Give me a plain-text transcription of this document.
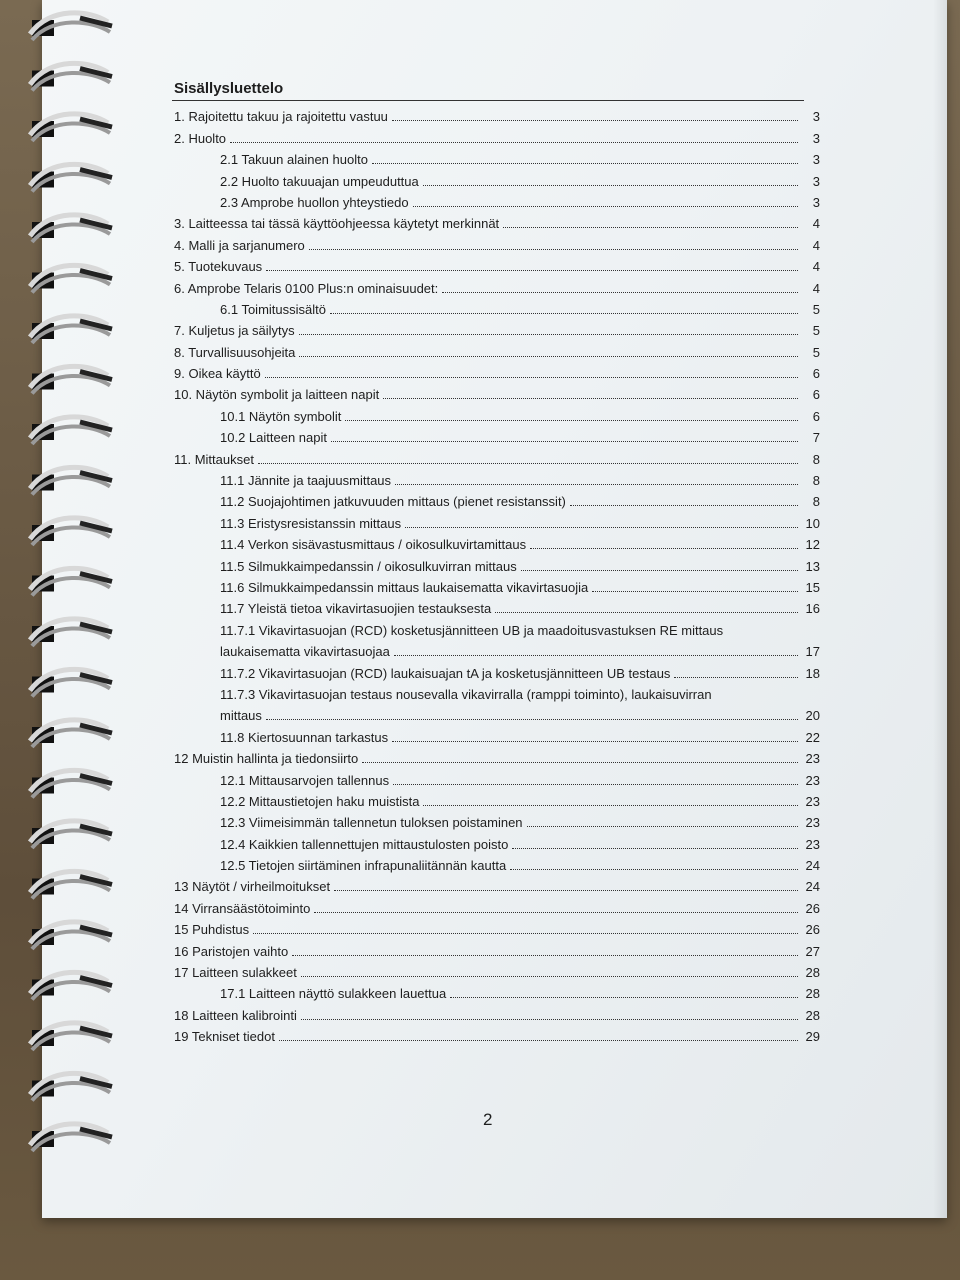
Sisällysluettelo
1. Rajoitettu takuu ja rajoitettu vastuu	3
2. Huolto	3
2.1 Takuun alainen huolto	3
2.2 Huolto takuuajan umpeuduttua	3
2.3 Amprobe huollon yhteystiedo	3
3. Laitteessa tai tässä käyttöohjeessa käytetyt merkinnät	4
4. Malli ja sarjanumero	4
5. Tuotekuvaus	4
6. Amprobe Telaris 0100 Plus:n ominaisuudet:	4
6.1 Toimitussisältö	5
7. Kuljetus ja säilytys	5
8. Turvallisuusohjeita	5
9. Oikea käyttö	6
10. Näytön symbolit ja laitteen napit	6
10.1 Näytön symbolit	6
10.2 Laitteen napit	7
11. Mittaukset	8
11.1 Jännite ja taajuusmittaus	8
11.2 Suojajohtimen jatkuvuuden mittaus (pienet resistanssit)	8
11.3 Eristysresistanssin mittaus	10
11.4 Verkon sisävastusmittaus / oikosulkuvirtamittaus	12
11.5 Silmukkaimpedanssin / oikosulkuvirran mittaus	13
11.6 Silmukkaimpedanssin mittaus laukaisematta vikavirtasuojia	15
11.7 Yleistä tietoa vikavirtasuojien testauksesta	16
11.7.1 Vikavirtasuojan (RCD) kosketusjännitteen UB ja maadoitusvastuksen RE mittaus
laukaisematta vikavirtasuojaa	17
11.7.2 Vikavirtasuojan (RCD) laukaisuajan tA ja kosketusjännitteen UB testaus	18
11.7.3 Vikavirtasuojan testaus nousevalla vikavirralla (ramppi toiminto), laukaisuvirran
mittaus	20
11.8 Kiertosuunnan tarkastus	22
12 Muistin hallinta ja tiedonsiirto	23
12.1 Mittausarvojen tallennus	23
12.2 Mittaustietojen haku muistista	23
12.3 Viimeisimmän tallennetun tuloksen poistaminen	23
12.4 Kaikkien tallennettujen mittaustulosten poisto	23
12.5 Tietojen siirtäminen infrapunaliitännän kautta	24
13 Näytöt / virheilmoitukset	24
14 Virransäästötoiminto	26
15 Puhdistus	26
16 Paristojen vaihto	27
17 Laitteen sulakkeet	28
17.1 Laitteen näyttö sulakkeen lauettua	28
18 Laitteen kalibrointi	28
19 Tekniset tiedot	29
2
